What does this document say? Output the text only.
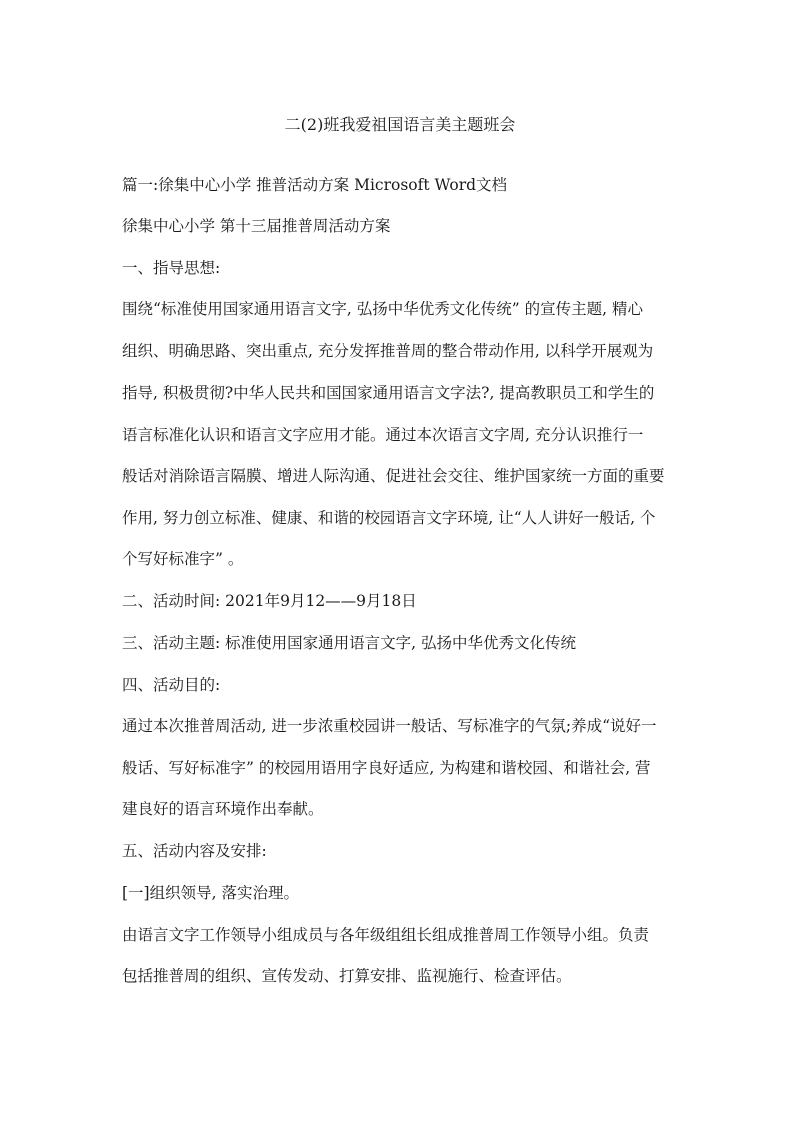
二(2)班我爱祖国语言美主题班会
篇一:徐集中心小学 推普活动方案 Microsoft Word文档
徐集中心小学 第十三届推普周活动方案
一、指导思想:
围绕“标准使用国家通用语言文字, 弘扬中华优秀文化传统” 的宣传主题, 精心
组织、明确思路、突出重点, 充分发挥推普周的整合带动作用, 以科学开展观为
指导, 积极贯彻?中华人民共和国国家通用语言文字法?, 提高教职员工和学生的
语言标准化认识和语言文字应用才能。通过本次语言文字周, 充分认识推行一
般话对消除语言隔膜、增进人际沟通、促进社会交往、维护国家统一方面的重要
作用, 努力创立标准、健康、和谐的校园语言文字环境, 让“人人讲好一般话, 个
个写好标准字” 。
二、活动时间: 2021年9月12——9月18日
三、活动主题: 标准使用国家通用语言文字, 弘扬中华优秀文化传统
四、活动目的:
通过本次推普周活动, 进一步浓重校园讲一般话、写标准字的气氛;养成“说好一
般话、写好标准字” 的校园用语用字良好适应, 为构建和谐校园、和谐社会, 营
建良好的语言环境作出奉献。
五、活动内容及安排:
[一]组织领导, 落实治理。
由语言文字工作领导小组成员与各年级组组长组成推普周工作领导小组。负责
包括推普周的组织、宣传发动、打算安排、监视施行、检查评估。
